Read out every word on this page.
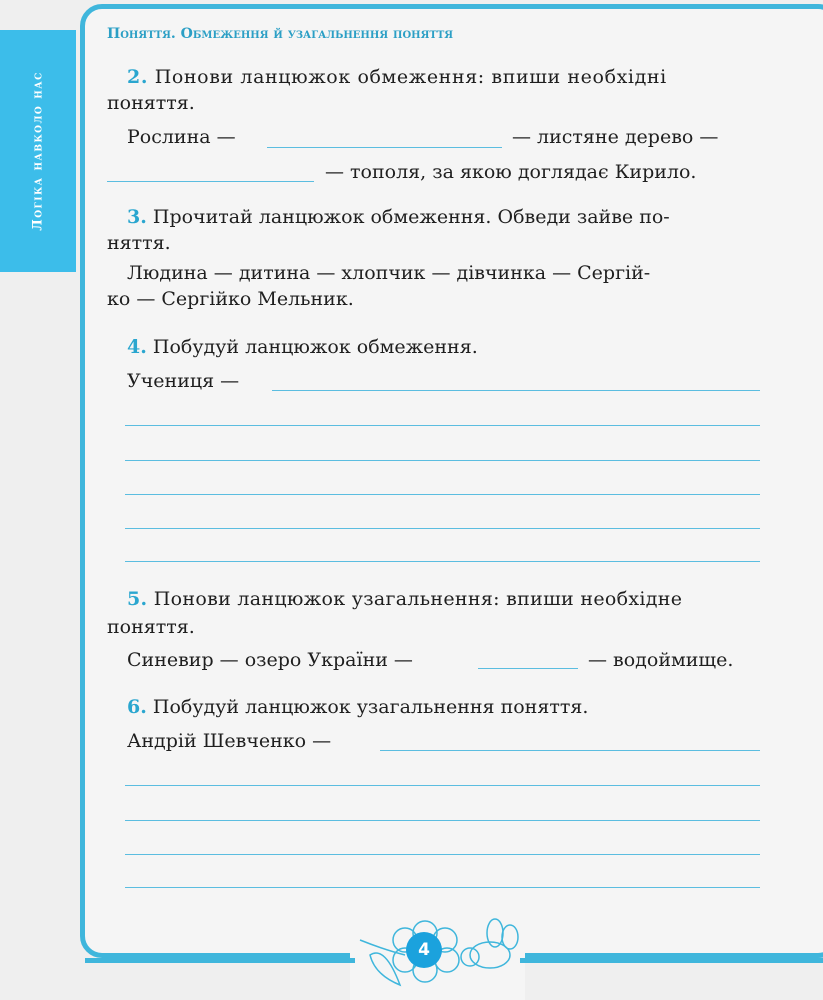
Логіка навколо нас
Поняття. Обмеження й узагальнення поняття
2. Понови ланцюжок обмеження: впиши необхідні
поняття.
Рослина —	— листяне дерево —
— тополя, за якою доглядає Кирило.
3. Прочитай ланцюжок обмеження. Обведи зайве по-
няття.
Людина — дитина — хлопчик — дівчинка — Сергій-
ко — Сергійко Мельник.
4. Побудуй ланцюжок обмеження.
Учениця —
5. Понови ланцюжок узагальнення: впиши необхідне
поняття.
Синевир — озеро України —	— водоймище.
6. Побудуй ланцюжок узагальнення поняття.
Андрій Шевченко —
4
